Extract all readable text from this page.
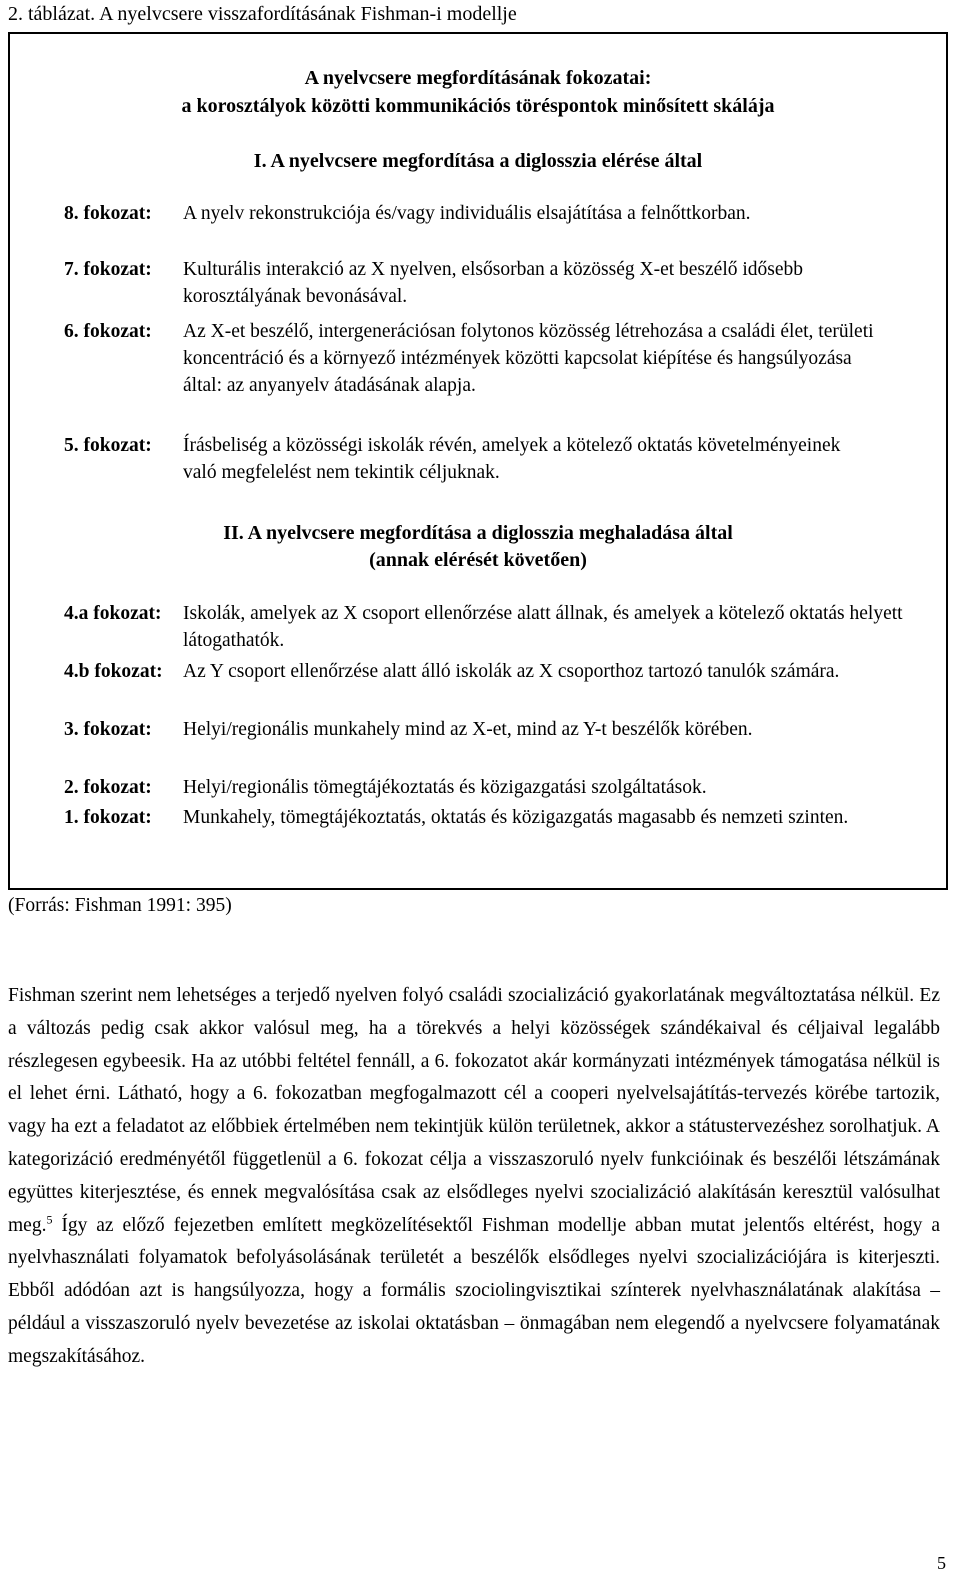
2. táblázat. A nyelvcsere visszafordításának Fishman-i modellje
A nyelvcsere megfordításának fokozatai:
a korosztályok közötti kommunikációs töréspontok minősített skálája
I. A nyelvcsere megfordítása a diglosszia elérése által
8. fokozat: A nyelv rekonstrukciója és/vagy individuális elsajátítása a felnőttkorban.
7. fokozat: Kulturális interakció az X nyelven, elsősorban a közösség X-et beszélő idősebb korosztályának bevonásával.
6. fokozat: Az X-et beszélő, intergenerációsan folytonos közösség létrehozása a családi élet, területi koncentráció és a környező intézmények közötti kapcsolat kiépítése és hangsúlyozása által: az anyanyelv átadásának alapja.
5. fokozat: Írásbeliség a közösségi iskolák révén, amelyek a kötelező oktatás követelményeinek való megfelelést nem tekintik céljuknak.
II. A nyelvcsere megfordítása a diglosszia meghaladása által
(annak elérését követően)
4.a fokozat: Iskolák, amelyek az X csoport ellenőrzése alatt állnak, és amelyek a kötelező oktatás helyett látogathatók.
4.b fokozat: Az Y csoport ellenőrzése alatt álló iskolák az X csoporthoz tartozó tanulók számára.
3. fokozat: Helyi/regionális munkahely mind az X-et, mind az Y-t beszélők körében.
2. fokozat: Helyi/regionális tömegtájékoztatás és közigazgatási szolgáltatások.
1. fokozat: Munkahely, tömegtájékoztatás, oktatás és közigazgatás magasabb és nemzeti szinten.
(Forrás: Fishman 1991: 395)
Fishman szerint nem lehetséges a terjedő nyelven folyó családi szocializáció gyakorlatának megváltoztatása nélkül. Ez a változás pedig csak akkor valósul meg, ha a törekvés a helyi közösségek szándékaival és céljaival legalább részlegesen egybeesik. Ha az utóbbi feltétel fennáll, a 6. fokozatot akár kormányzati intézmények támogatása nélkül is el lehet érni. Látható, hogy a 6. fokozatban megfogalmazott cél a cooperi nyelvelsajátítás-tervezés körébe tartozik, vagy ha ezt a feladatot az előbbiek értelmében nem tekintjük külön területnek, akkor a státustervezéshez sorolhatjuk. A kategorizáció eredményétől függetlenül a 6. fokozat célja a visszaszoruló nyelv funkcióinak és beszélői létszámának együttes kiterjesztése, és ennek megvalósítása csak az elsődleges nyelvi szocializáció alakításán keresztül valósulhat meg.$^5$ Így az előző fejezetben említett megközelítésektől Fishman modellje abban mutat jelentős eltérést, hogy a nyelvhasználati folyamatok befolyásolásának területét a beszélők elsődleges nyelvi szocializációjára is kiterjeszti. Ebből adódóan azt is hangsúlyozza, hogy a formális szociolingvisztikai színterek nyelvhasználatának alakítása – például a visszaszoruló nyelv bevezetése az iskolai oktatásban – önmagában nem elegendő a nyelvcsere folyamatának megszakításához.
5
